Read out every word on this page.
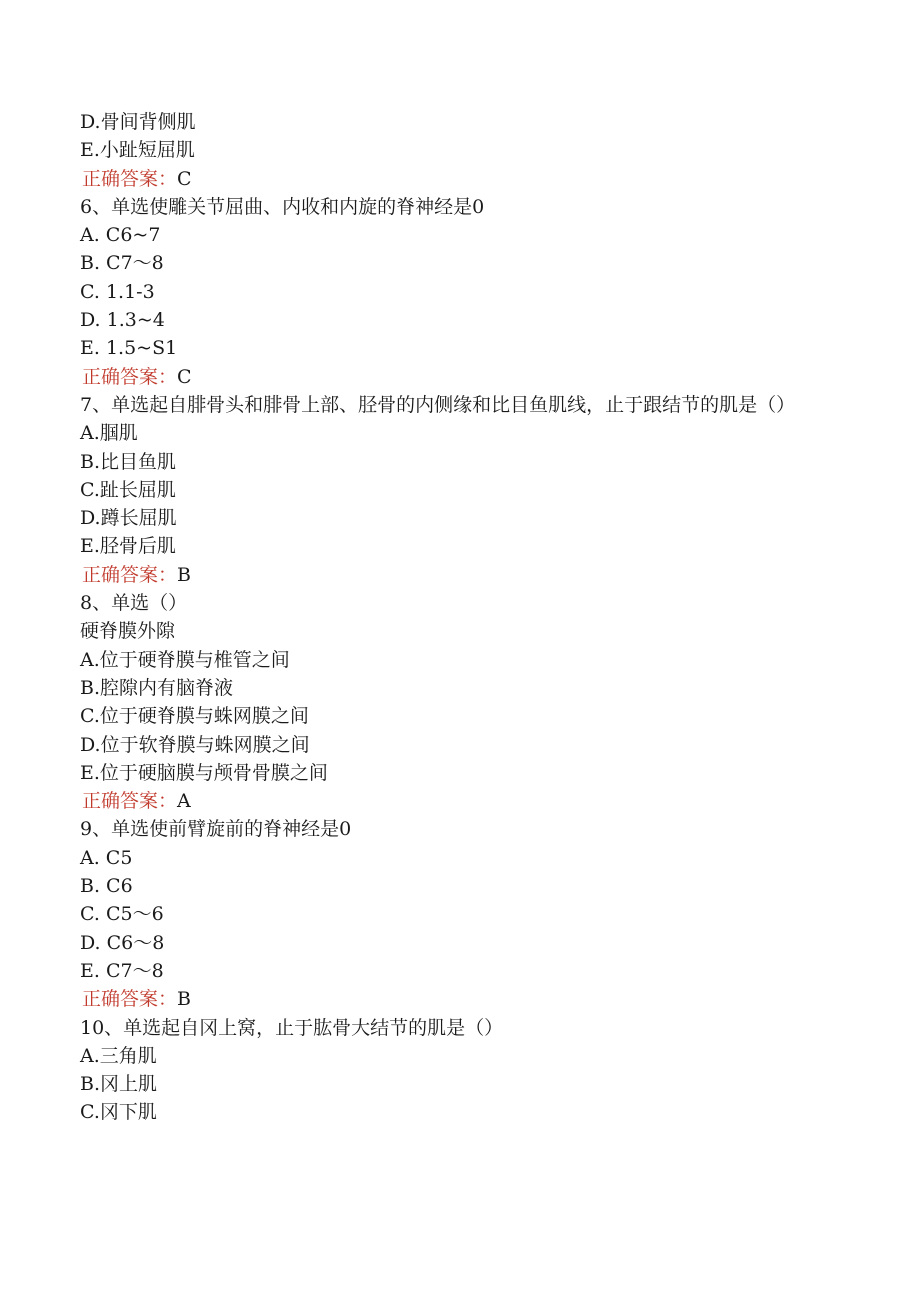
D.骨间背侧肌
E.小趾短屈肌
正确答案：C
6、单选使雕关节屈曲、内收和内旋的脊神经是0
A. C6~7
B. C7～8
C. 1.1-3
D. 1.3~4
E. 1.5~S1
正确答案：C
7、单选起自腓骨头和腓骨上部、胫骨的内侧缘和比目鱼肌线，止于跟结节的肌是（）
A.腘肌
B.比目鱼肌
C.趾长屈肌
D.蹲长屈肌
E.胫骨后肌
正确答案：B
8、单选（）
硬脊膜外隙
A.位于硬脊膜与椎管之间
B.腔隙内有脑脊液
C.位于硬脊膜与蛛网膜之间
D.位于软脊膜与蛛网膜之间
E.位于硬脑膜与颅骨骨膜之间
正确答案：A
9、单选使前臂旋前的脊神经是0
A. C5
B. C6
C. C5～6
D. C6～8
E. C7～8
正确答案：B
10、单选起自冈上窝，止于肱骨大结节的肌是（）
A.三角肌
B.冈上肌
C.冈下肌
